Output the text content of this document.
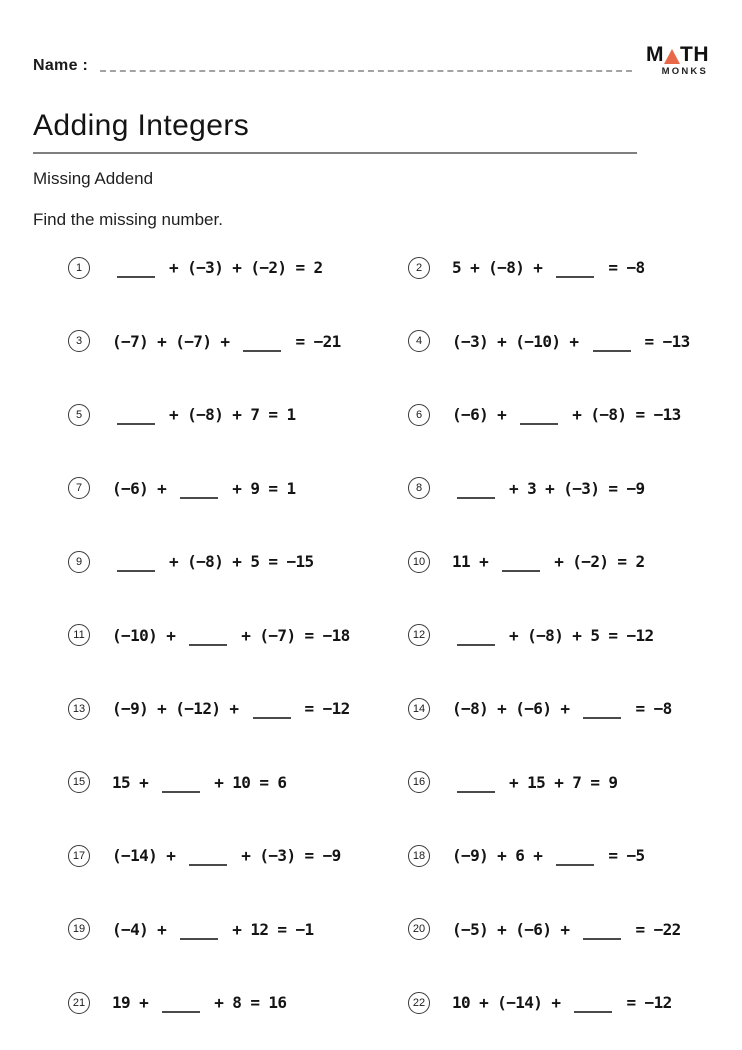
Name :	M TH
MONKS
Adding Integers
Missing Addend
Find the missing number.
1	+ (−3) + (−2) = 2	2	5 + (−8) +	= −8
3	(−7) + (−7) +	= −21	4	(−3) + (−10) +	= −13
5	+ (−8) + 7 = 1	6	(−6) +	+ (−8) = −13
7	(−6) +	+ 9 = 1	8	+ 3 + (−3) = −9
9	+ (−8) + 5 = −15	10	11 +	+ (−2) = 2
11	(−10) +	+ (−7) = −18	12	+ (−8) + 5 = −12
13	(−9) + (−12) +	= −12	14	(−8) + (−6) +	= −8
15	15 +	+ 10 = 6	16	+ 15 + 7 = 9
17	(−14) +	+ (−3) = −9	18	(−9) + 6 +	= −5
19	(−4) +	+ 12 = −1	20	(−5) + (−6) +	= −22
21	19 +	+ 8 = 16	22	10 + (−14) +	= −12
